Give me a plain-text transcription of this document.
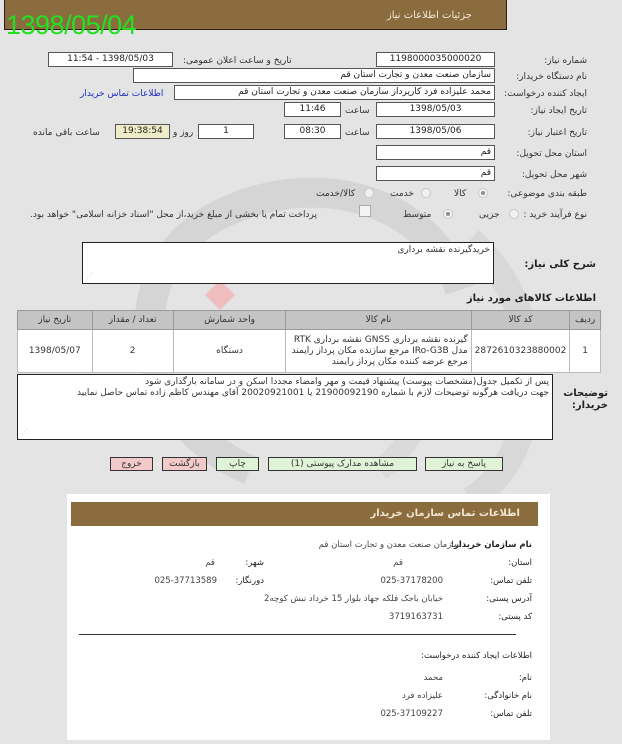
جزئیات اطلاعات نیاز
1398/05/04
شماره نیاز:
1198000035000020
تاریخ و ساعت اعلان عمومی:
1398/05/03 - 11:54
نام دستگاه خریدار:
سازمان صنعت معدن و تجارت استان قم
ایجاد کننده درخواست:
محمد علیزاده فرد کارپرداز سازمان صنعت معدن و تجارت استان قم
اطلاعات تماس خریدار
تاریخ ایجاد نیاز:
1398/05/03
ساعت
11:46
تاریخ اعتبار نیاز:
1398/05/06
ساعت
08:30
1
روز و
19:38:54
ساعت باقی مانده
استان محل تحویل:
قم
شهر محل تحویل:
قم
طبقه بندی موضوعی:
کالا
خدمت
کالا/خدمت
نوع فرآیند خرید :
جزیی
متوسط
پرداخت تمام یا بخشی از مبلغ خرید،از محل "اسناد خزانه اسلامی" خواهد بود.
شرح کلی نیاز:
خریدگیرنده نقشه برداری
⋰
اطلاعات کالاهای مورد نیاز
ردیف	کد کالا	نام کالا	واحد شمارش	تعداد / مقدار	تاریخ نیاز
1	2872610323880002	گیرنده نقشه برداری GNSS نقشه برداری RTK مدل IRo-G3B مرجع سازنده مکان پرداز رایمند مرجع عرضه کننده مکان پرداز رایمند	دستگاه	2	1398/05/07
توضیحات خریدار:
پس از تکمیل جدول(مشخصات پیوست) پیشنهاد قیمت و مهر وامضاء مجددا اسکن و در سامانه بارگذاری شود
جهت دریافت هرگونه توضیحات لازم با شماره 21900092190 یا 20020921001 آقای مهندس کاظم زاده تماس حاصل نمایید
⋰
پاسخ به نیاز
مشاهده مدارک پیوستی (1)
چاپ
بازگشت
خروج
اطلاعات تماس سازمان خریدار
نام سازمان خریدار:
سازمان صنعت معدن و تجارت استان قم
استان:
قم
شهر:
قم
تلفن تماس:
025-37178200
دورنگار:
025-37713589
آدرس پستی:
خیابان باجک فلکه جهاد بلوار 15 خرداد نبش کوچه2
کد پستی:
3719163731
اطلاعات ایجاد کننده درخواست:
نام:
محمد
نام خانوادگی:
علیزاده فرد
تلفن تماس:
025-37109227
